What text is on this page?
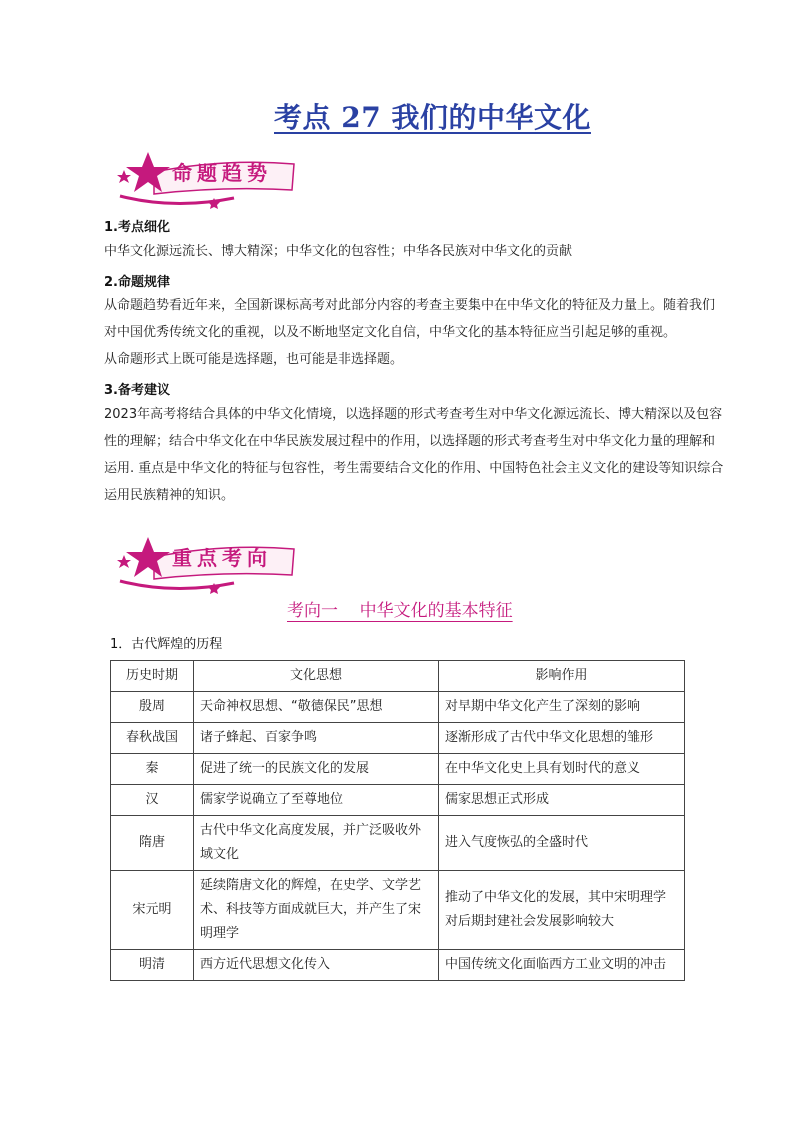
考点 27 我们的中华文化
命题趋势
1.考点细化
中华文化源远流长、博大精深；中华文化的包容性；中华各民族对中华文化的贡献
2.命题规律
从命题趋势看近年来，全国新课标高考对此部分内容的考查主要集中在中华文化的特征及力量上。随着我们对中国优秀传统文化的重视，以及不断地坚定文化自信，中华文化的基本特征应当引起足够的重视。
从命题形式上既可能是选择题，也可能是非选择题。
3.备考建议
2023年高考将结合具体的中华文化情境，以选择题的形式考查考生对中华文化源远流长、博大精深以及包容性的理解；结合中华文化在中华民族发展过程中的作用，以选择题的形式考查考生对中华文化力量的理解和运用. 重点是中华文化的特征与包容性，考生需要结合文化的作用、中国特色社会主义文化的建设等知识综合运用民族精神的知识。
重点考向
考向一    中华文化的基本特征
1．古代辉煌的历程
历史时期	文化思想	影响作用
殷周	天命神权思想、“敬德保民”思想	对早期中华文化产生了深刻的影响
春秋战国	诸子蜂起、百家争鸣	逐渐形成了古代中华文化思想的雏形
秦	促进了统一的民族文化的发展	在中华文化史上具有划时代的意义
汉	儒家学说确立了至尊地位	儒家思想正式形成
隋唐	古代中华文化高度发展，并广泛吸收外域文化	进入气度恢弘的全盛时代
宋元明	延续隋唐文化的辉煌，在史学、文学艺术、科技等方面成就巨大，并产生了宋明理学	推动了中华文化的发展，其中宋明理学对后期封建社会发展影响较大
明清	西方近代思想文化传入	中国传统文化面临西方工业文明的冲击
